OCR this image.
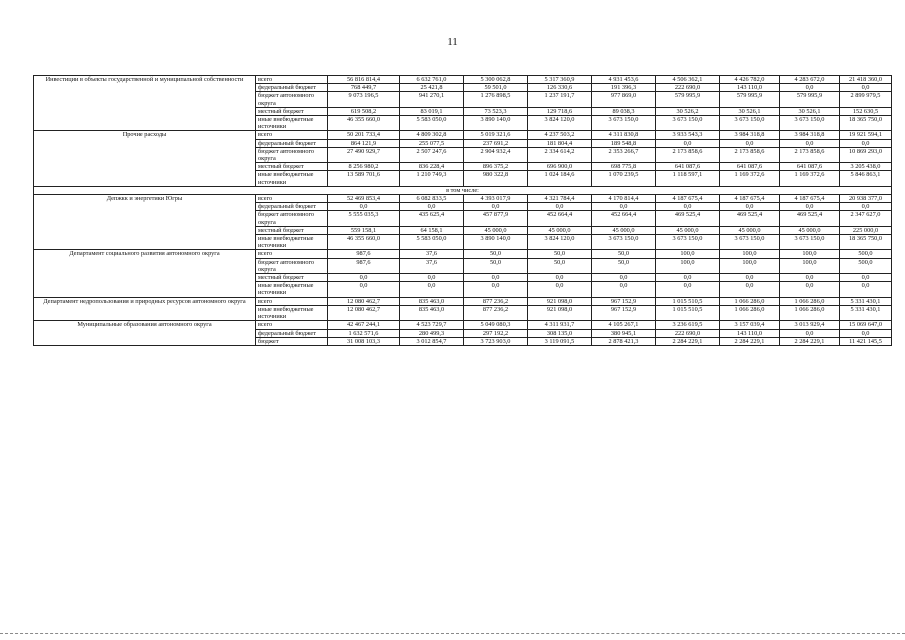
11
Инвестиции в объекты государственной и муниципальной собственности	всего	56 816 814,4	6 632 761,0	5 300 062,8	5 317 360,9	4 931 453,6	4 506 362,1	4 426 782,0	4 283 672,0	21 418 360,0
	федеральный бюджет	768 449,7	25 421,8	59 501,0	126 330,6	191 396,3	222 690,0	143 110,0	0,0	0,0
	бюджет автономного округа	9 073 196,5	941 270,1	1 276 898,5	1 237 191,7	977 869,0	579 995,9	579 995,9	579 995,9	2 899 979,5
	местный бюджет	619 508,2	83 019,1	73 523,3	129 718,6	89 038,3	30 526,2	30 526,1	30 526,1	152 630,5
	иные внебюджетные источники	46 355 660,0	5 583 050,0	3 890 140,0	3 824 120,0	3 673 150,0	3 673 150,0	3 673 150,0	3 673 150,0	18 365 750,0
Прочие расходы	всего	50 201 733,4	4 809 302,8	5 019 321,6	4 237 503,2	4 311 830,8	3 933 543,3	3 984 318,8	3 984 318,8	19 921 594,1
	федеральный бюджет	864 121,9	255 077,5	237 691,2	181 804,4	189 548,8	0,0	0,0	0,0	0,0
	бюджет автономного округа	27 490 929,7	2 507 247,6	2 904 932,4	2 334 614,2	2 353 266,7	2 173 858,6	2 173 858,6	2 173 858,6	10 869 293,0
	местный бюджет	8 256 980,2	836 228,4	896 375,2	696 900,0	698 775,8	641 087,6	641 087,6	641 087,6	3 205 438,0
	иные внебюджетные источники	13 589 701,6	1 210 749,3	980 322,8	1 024 184,6	1 070 239,5	1 118 597,1	1 169 372,6	1 169 372,6	5 846 863,1
в том числе:										
Депжкк и энергетики Югры	всего	52 469 853,4	6 082 833,5	4 393 017,9	4 321 784,4	4 170 814,4	4 187 675,4	4 187 675,4	4 187 675,4	20 938 377,0
	федеральный бюджет	0,0	0,0	0,0	0,0	0,0	0,0	0,0	0,0	0,0
	бюджет автономного округа	5 555 035,3	435 625,4	457 877,9	452 664,4	452 664,4	469 525,4	469 525,4	469 525,4	2 347 627,0
	местный бюджет	559 158,1	64 158,1	45 000,0	45 000,0	45 000,0	45 000,0	45 000,0	45 000,0	225 000,0
	иные внебюджетные источники	46 355 660,0	5 583 050,0	3 890 140,0	3 824 120,0	3 673 150,0	3 673 150,0	3 673 150,0	3 673 150,0	18 365 750,0
Департамент социального развития автономного округа	всего	987,6	37,6	50,0	50,0	50,0	100,0	100,0	100,0	500,0
	бюджет автономного округа	987,6	37,6	50,0	50,0	50,0	100,0	100,0	100,0	500,0
	местный бюджет	0,0	0,0	0,0	0,0	0,0	0,0	0,0	0,0	0,0
	иные внебюджетные источники	0,0	0,0	0,0	0,0	0,0	0,0	0,0	0,0	0,0
Департамент недропользования и природных ресурсов автономного округа	всего	12 080 462,7	835 463,0	877 236,2	921 098,0	967 152,9	1 015 510,5	1 066 286,0	1 066 286,0	5 331 430,1
	иные внебюджетные источники	12 080 462,7	835 463,0	877 236,2	921 098,0	967 152,9	1 015 510,5	1 066 286,0	1 066 286,0	5 331 430,1
Муниципальные образования автономного округа	всего	42 467 244,1	4 523 729,7	5 049 080,3	4 311 931,7	4 105 267,1	3 236 619,5	3 157 039,4	3 013 929,4	15 069 647,0
	федеральный бюджет	1 632 571,6	280 499,3	297 192,2	308 135,0	380 945,1	222 690,0	143 110,0	0,0	0,0
	бюджет	31 008 103,3	3 012 854,7	3 723 903,0	3 119 091,5	2 878 421,3	2 284 229,1	2 284 229,1	2 284 229,1	11 421 145,5
